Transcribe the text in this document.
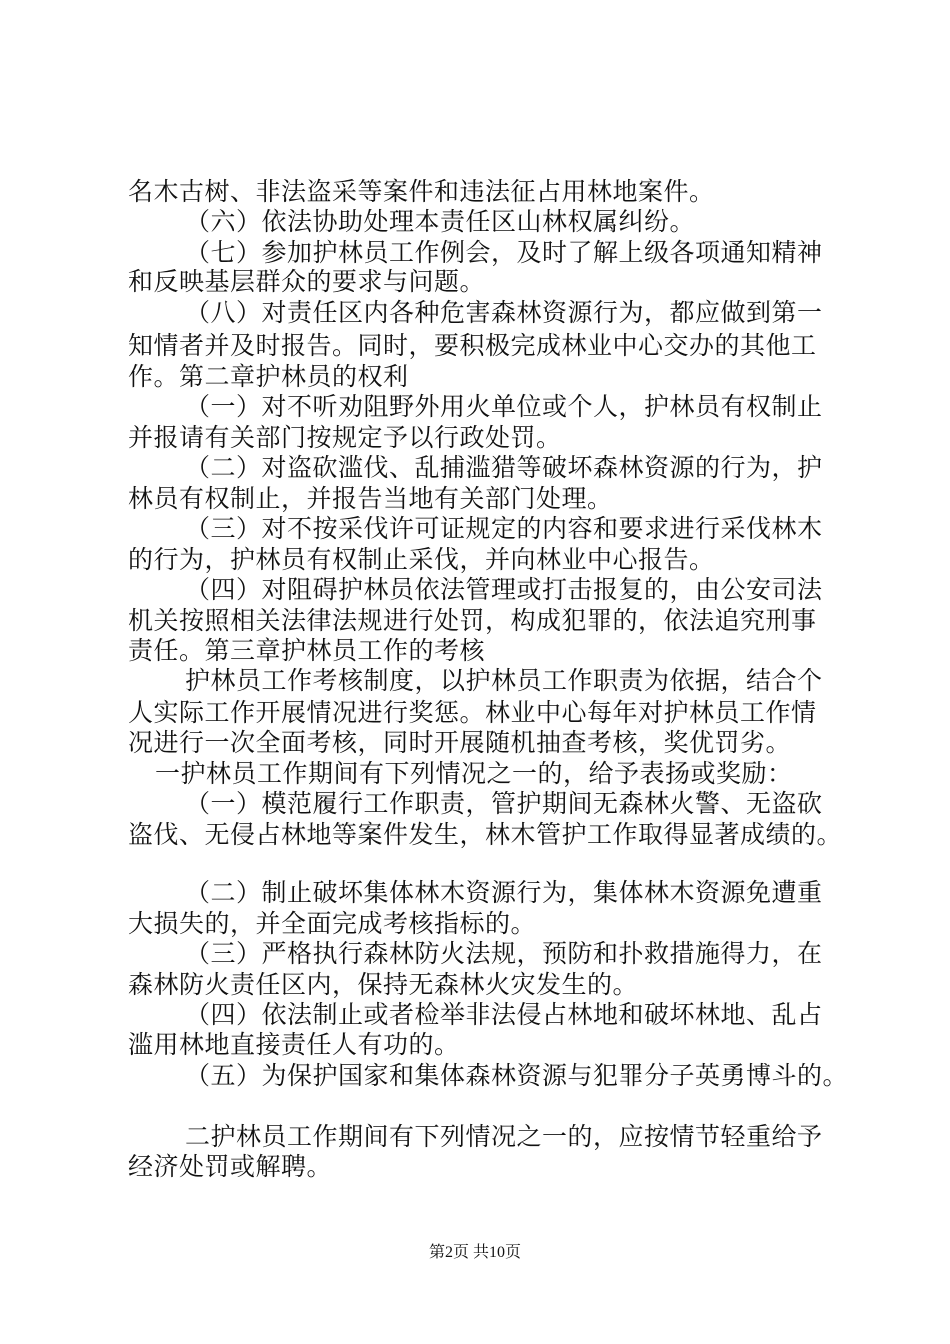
名木古树、非法盗采等案件和违法征占用林地案件。
（六）依法协助处理本责任区山林权属纠纷。
（七）参加护林员工作例会，及时了解上级各项通知精神
和反映基层群众的要求与问题。
（八）对责任区内各种危害森林资源行为，都应做到第一
知情者并及时报告。同时，要积极完成林业中心交办的其他工
作。第二章护林员的权利
（一）对不听劝阻野外用火单位或个人，护林员有权制止
并报请有关部门按规定予以行政处罚。
（二）对盗砍滥伐、乱捕滥猎等破坏森林资源的行为，护
林员有权制止，并报告当地有关部门处理。
（三）对不按采伐许可证规定的内容和要求进行采伐林木
的行为，护林员有权制止采伐，并向林业中心报告。
（四）对阻碍护林员依法管理或打击报复的，由公安司法
机关按照相关法律法规进行处罚，构成犯罪的，依法追究刑事
责任。第三章护林员工作的考核
护林员工作考核制度，以护林员工作职责为依据，结合个
人实际工作开展情况进行奖惩。林业中心每年对护林员工作情
况进行一次全面考核，同时开展随机抽查考核，奖优罚劣。
一护林员工作期间有下列情况之一的，给予表扬或奖励：
（一）模范履行工作职责，管护期间无森林火警、无盗砍
盗伐、无侵占林地等案件发生，林木管护工作取得显著成绩的。
（二）制止破坏集体林木资源行为，集体林木资源免遭重
大损失的，并全面完成考核指标的。
（三）严格执行森林防火法规，预防和扑救措施得力，在
森林防火责任区内，保持无森林火灾发生的。
（四）依法制止或者检举非法侵占林地和破坏林地、乱占
滥用林地直接责任人有功的。
（五）为保护国家和集体森林资源与犯罪分子英勇博斗的。
二护林员工作期间有下列情况之一的，应按情节轻重给予
经济处罚或解聘。
第2页 共10页
